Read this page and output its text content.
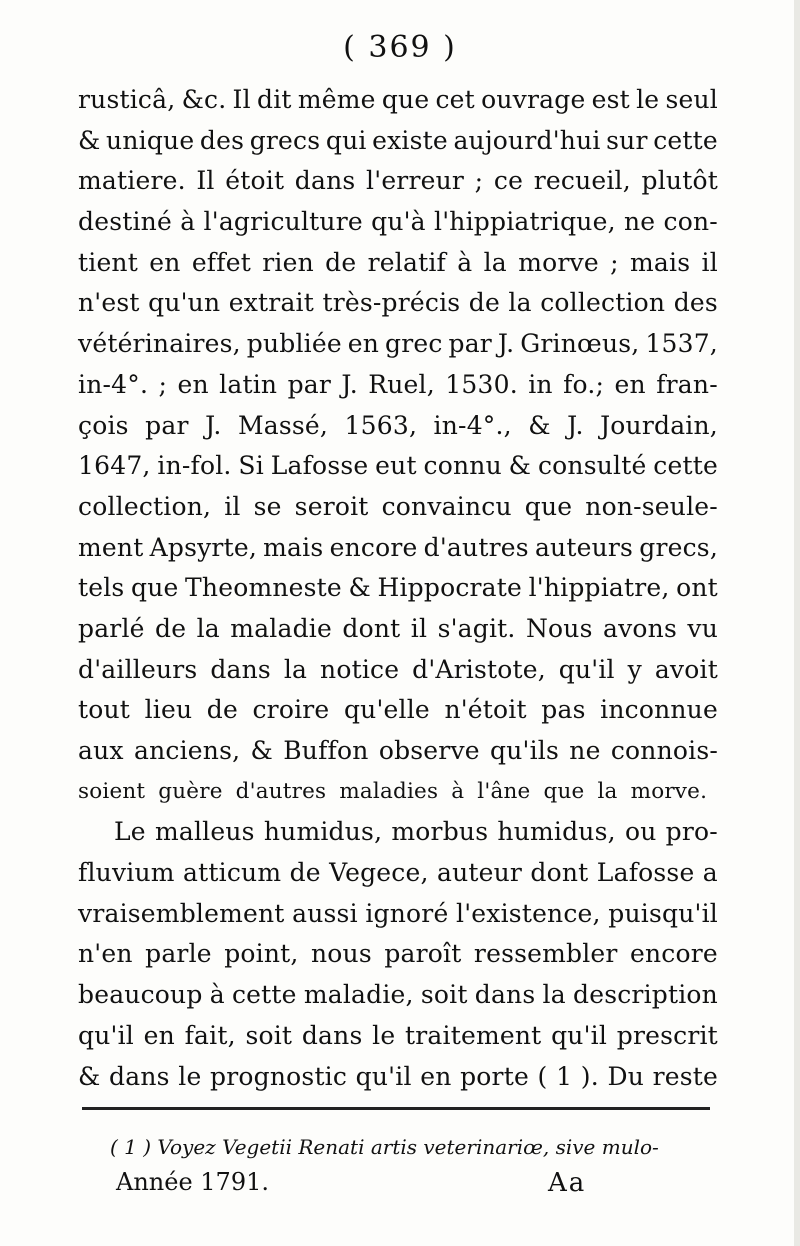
( 369 )
rusticâ, &c. Il dit même que cet ouvrage est le seul
& unique des grecs qui existe aujourd'hui sur cette
matiere. Il étoit dans l'erreur ; ce recueil, plutôt
destiné à l'agriculture qu'à l'hippiatrique, ne con-
tient en effet rien de relatif à la morve ; mais il
n'est qu'un extrait très-précis de la collection des
vétérinaires, publiée en grec par J. Grinœus, 1537,
in-4°. ; en latin par J. Ruel, 1530. in fo.; en fran-
çois par J. Massé, 1563, in-4°., & J. Jourdain,
1647, in-fol. Si Lafosse eut connu & consulté cette
collection, il se seroit convaincu que non-seule-
ment Apsyrte, mais encore d'autres auteurs grecs,
tels que Theomneste & Hippocrate l'hippiatre, ont
parlé de la maladie dont il s'agit. Nous avons vu
d'ailleurs dans la notice d'Aristote, qu'il y avoit
tout lieu de croire qu'elle n'étoit pas inconnue
aux anciens, & Buffon observe qu'ils ne connois-
soient guère d'autres maladies à l'âne que la morve.
Le malleus humidus, morbus humidus, ou pro-
fluvium atticum de Vegece, auteur dont Lafosse a
vraisemblement aussi ignoré l'existence, puisqu'il
n'en parle point, nous paroît ressembler encore
beaucoup à cette maladie, soit dans la description
qu'il en fait, soit dans le traitement qu'il prescrit
& dans le prognostic qu'il en porte ( 1 ). Du reste
( 1 ) Voyez Vegetii Renati artis veterinariœ, sive mulo-
Année 1791.	Aa
